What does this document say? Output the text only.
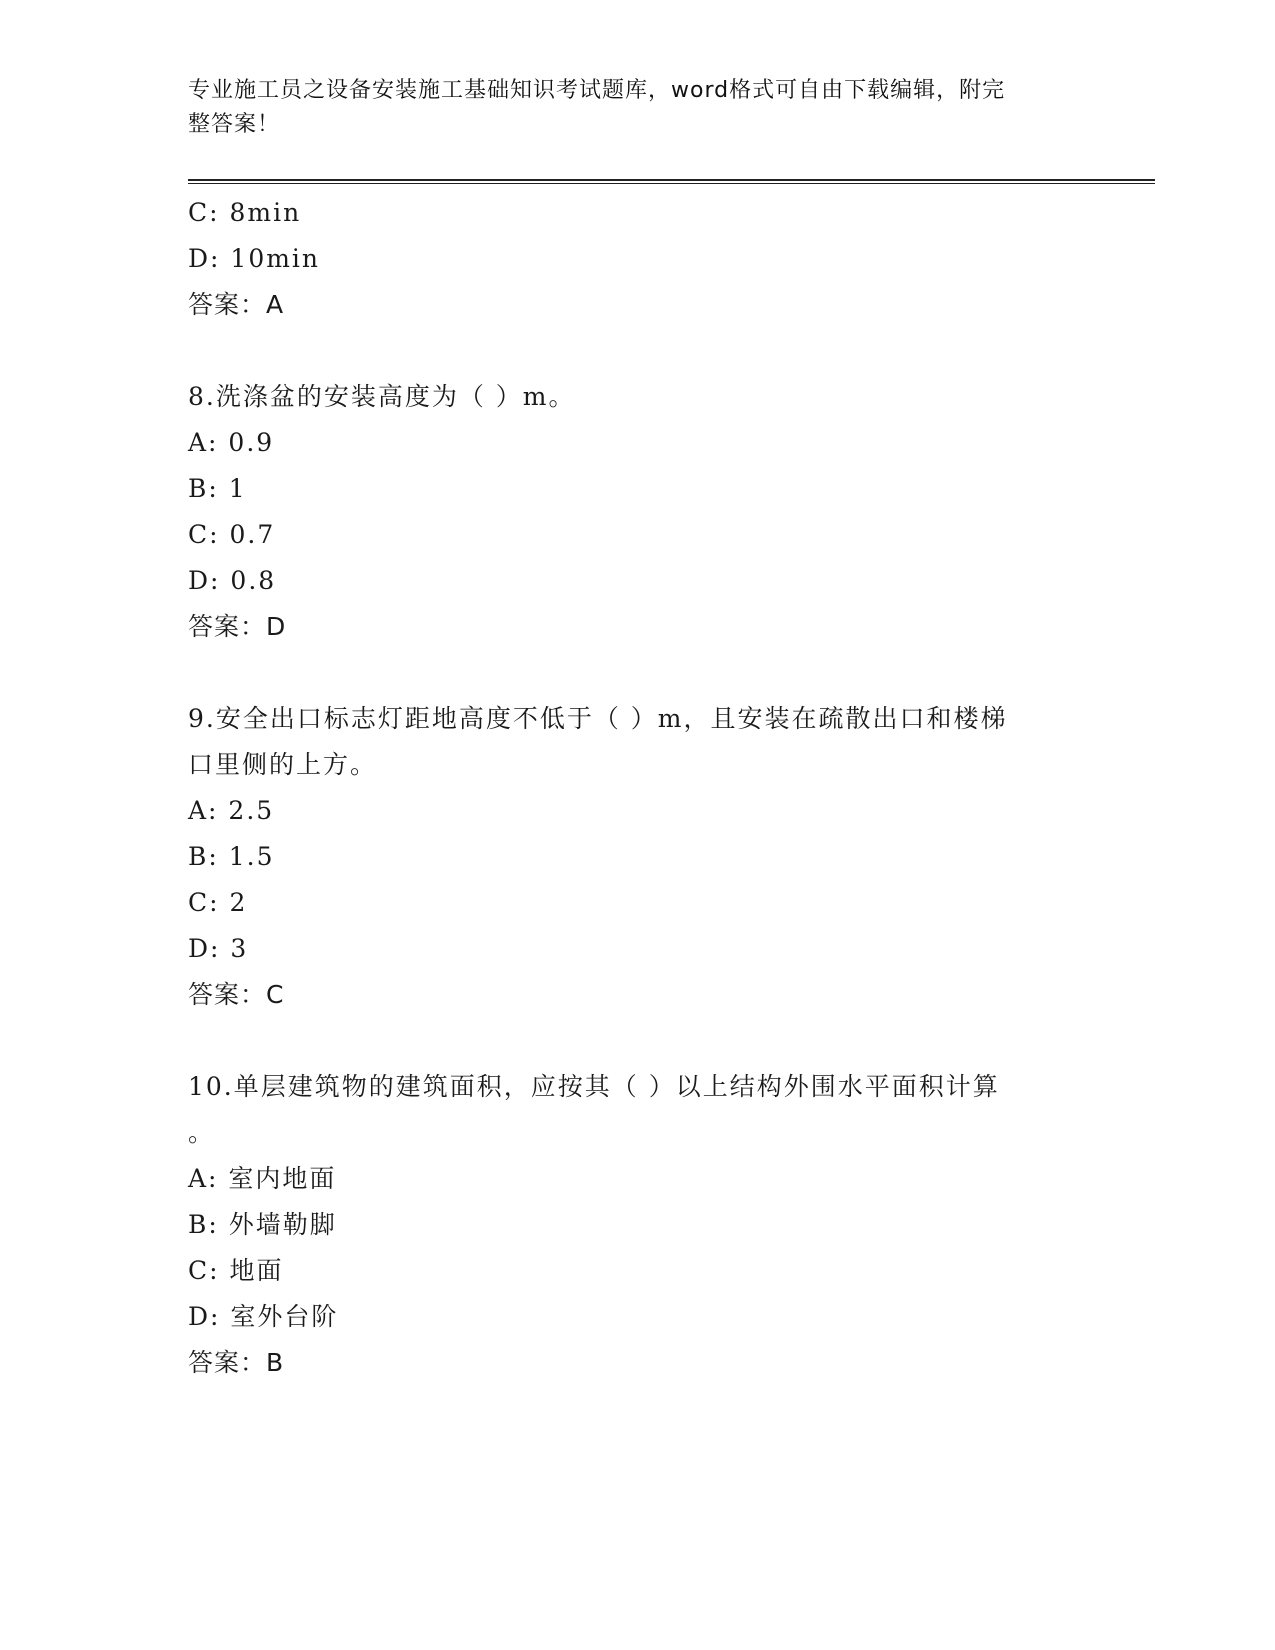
专业施工员之设备安装施工基础知识考试题库，word格式可自由下载编辑，附完
整答案！
C: 8min
D: 10min
答案：A
8.洗涤盆的安装高度为（ ）m。
A: 0.9
B: 1
C: 0.7
D: 0.8
答案：D
9.安全出口标志灯距地高度不低于（ ）m，且安装在疏散出口和楼梯
口里侧的上方。
A: 2.5
B: 1.5
C: 2
D: 3
答案：C
10.单层建筑物的建筑面积，应按其（ ）以上结构外围水平面积计算
。
A: 室内地面
B: 外墙勒脚
C: 地面
D: 室外台阶
答案：B
